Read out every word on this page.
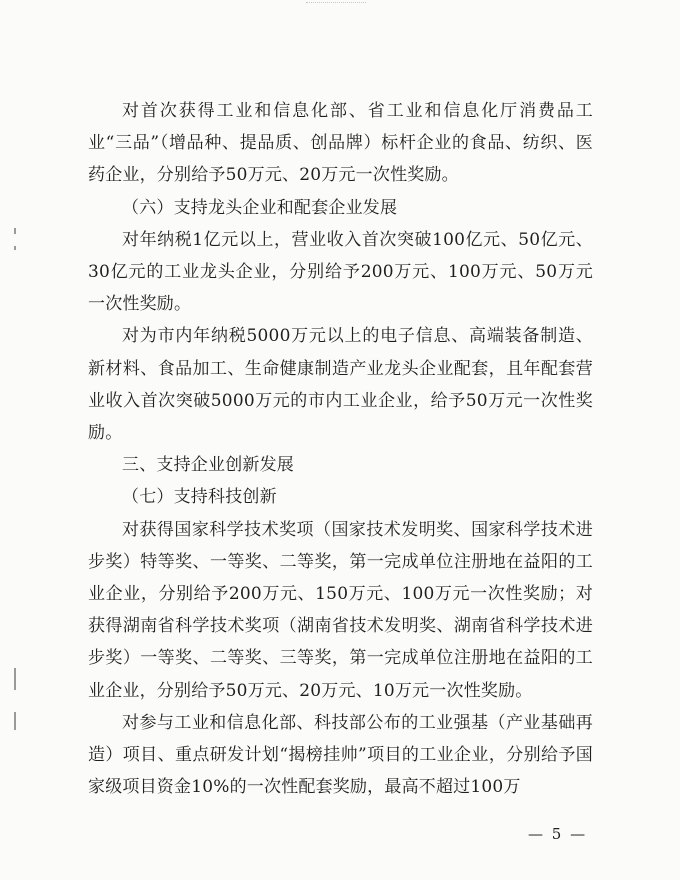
对首次获得工业和信息化部、省工业和信息化厅消费品工业“三品”（增品种、提品质、创品牌）标杆企业的食品、纺织、医药企业，分别给予50万元、20万元一次性奖励。

（六）支持龙头企业和配套企业发展

对年纳税1亿元以上，营业收入首次突破100亿元、50亿元、30亿元的工业龙头企业，分别给予200万元、100万元、50万元一次性奖励。

对为市内年纳税5000万元以上的电子信息、高端装备制造、新材料、食品加工、生命健康制造产业龙头企业配套，且年配套营业收入首次突破5000万元的市内工业企业，给予50万元一次性奖励。

三、支持企业创新发展

（七）支持科技创新

对获得国家科学技术奖项（国家技术发明奖、国家科学技术进步奖）特等奖、一等奖、二等奖，第一完成单位注册地在益阳的工业企业，分别给予200万元、150万元、100万元一次性奖励；对获得湖南省科学技术奖项（湖南省技术发明奖、湖南省科学技术进步奖）一等奖、二等奖、三等奖，第一完成单位注册地在益阳的工业企业，分别给予50万元、20万元、10万元一次性奖励。

对参与工业和信息化部、科技部公布的工业强基（产业基础再造）项目、重点研发计划“揭榜挂帅”项目的工业企业，分别给予国家级项目资金10%的一次性配套奖励，最高不超过100万

— 5 —
